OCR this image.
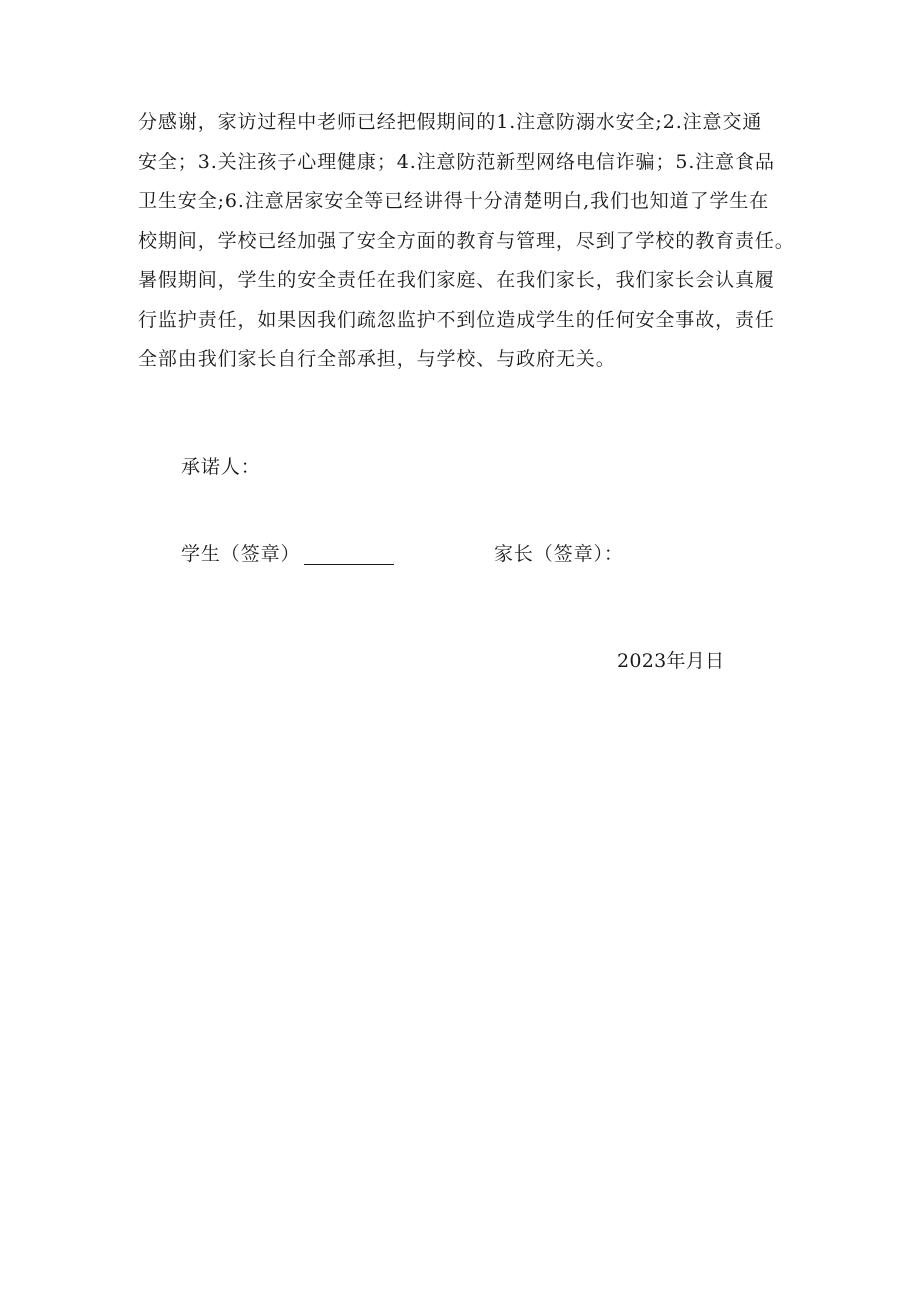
分感谢，家访过程中老师已经把假期间的1.注意防溺水安全;2.注意交通
安全；3.关注孩子心理健康；4.注意防范新型网络电信诈骗；5.注意食品
卫生安全;6.注意居家安全等已经讲得十分清楚明白,我们也知道了学生在
校期间，学校已经加强了安全方面的教育与管理，尽到了学校的教育责任。
暑假期间，学生的安全责任在我们家庭、在我们家长，我们家长会认真履
行监护责任，如果因我们疏忽监护不到位造成学生的任何安全事故，责任
全部由我们家长自行全部承担，与学校、与政府无关。
承诺人：
学生（签章）	家长（签章）：
2023年月日
